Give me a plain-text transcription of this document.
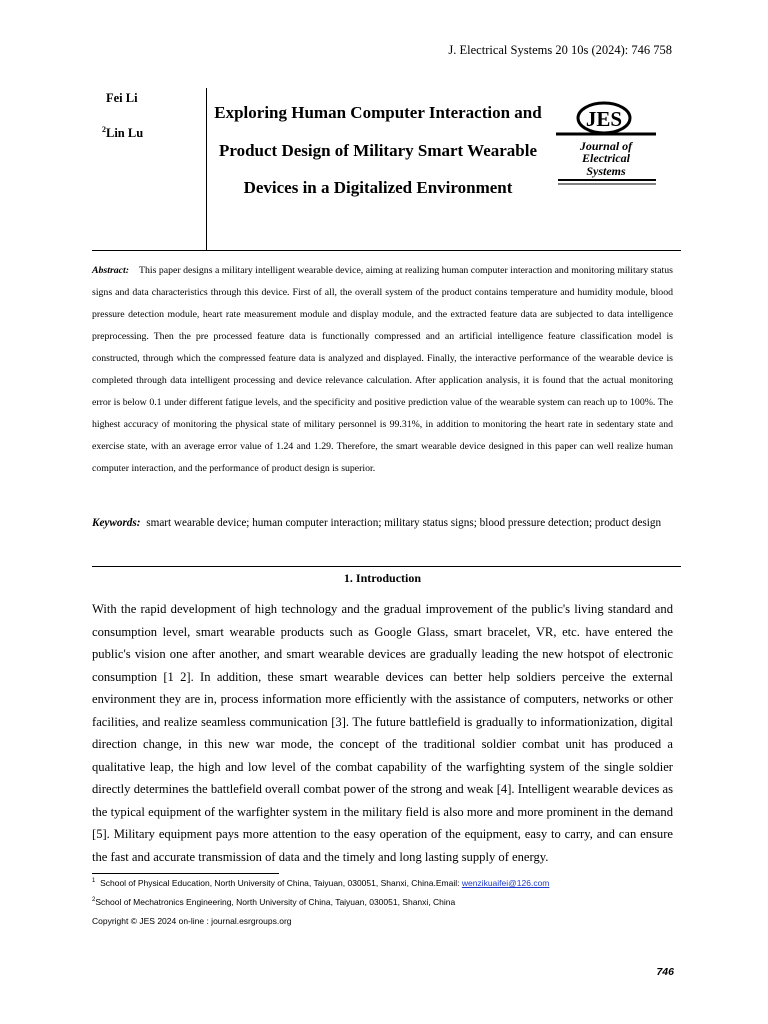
J. Electrical Systems 20 10s (2024): 746 758
Fei Li
$^2$Lin Lu
Exploring Human Computer Interaction and Product Design of Military Smart Wearable Devices in a Digitalized Environment
JES
Journal of
Electrical
Systems
Abstract: This paper designs a military intelligent wearable device, aiming at realizing human computer interaction and monitoring military status signs and data characteristics through this device. First of all, the overall system of the product contains temperature and humidity module, blood pressure detection module, heart rate measurement module and display module, and the extracted feature data are subjected to data intelligence preprocessing. Then the pre processed feature data is functionally compressed and an artificial intelligence feature classification model is constructed, through which the compressed feature data is analyzed and displayed. Finally, the interactive performance of the wearable device is completed through data intelligent processing and device relevance calculation. After application analysis, it is found that the actual monitoring error is below 0.1 under different fatigue levels, and the specificity and positive prediction value of the wearable system can reach up to 100%. The highest accuracy of monitoring the physical state of military personnel is 99.31%, in addition to monitoring the heart rate in sedentary state and exercise state, with an average error value of 1.24 and 1.29. Therefore, the smart wearable device designed in this paper can well realize human computer interaction, and the performance of product design is superior.
Keywords: smart wearable device; human computer interaction; military status signs; blood pressure detection; product design
1. Introduction
With the rapid development of high technology and the gradual improvement of the public's living standard and consumption level, smart wearable products such as Google Glass, smart bracelet, VR, etc. have entered the public's vision one after another, and smart wearable devices are gradually leading the new hotspot of electronic consumption [1 2]. In addition, these smart wearable devices can better help soldiers perceive the external environment they are in, process information more efficiently with the assistance of computers, networks or other facilities, and realize seamless communication [3]. The future battlefield is gradually to informationization, digital direction change, in this new war mode, the concept of the traditional soldier combat unit has produced a qualitative leap, the high and low level of the combat capability of the warfighting system of the single soldier directly determines the battlefield overall combat power of the strong and weak [4]. Intelligent wearable devices as the typical equipment of the warfighter system in the military field is also more and more prominent in the demand [5]. Military equipment pays more attention to the easy operation of the equipment, easy to carry, and can ensure the fast and accurate transmission of data and the timely and long lasting supply of energy.
$^1$ School of Physical Education, North University of China, Taiyuan, 030051, Shanxi, China.Email: wenzikuaifei@126.com
$^2$School of Mechatronics Engineering, North University of China, Taiyuan, 030051, Shanxi, China
Copyright © JES 2024 on-line : journal.esrgroups.org
746
